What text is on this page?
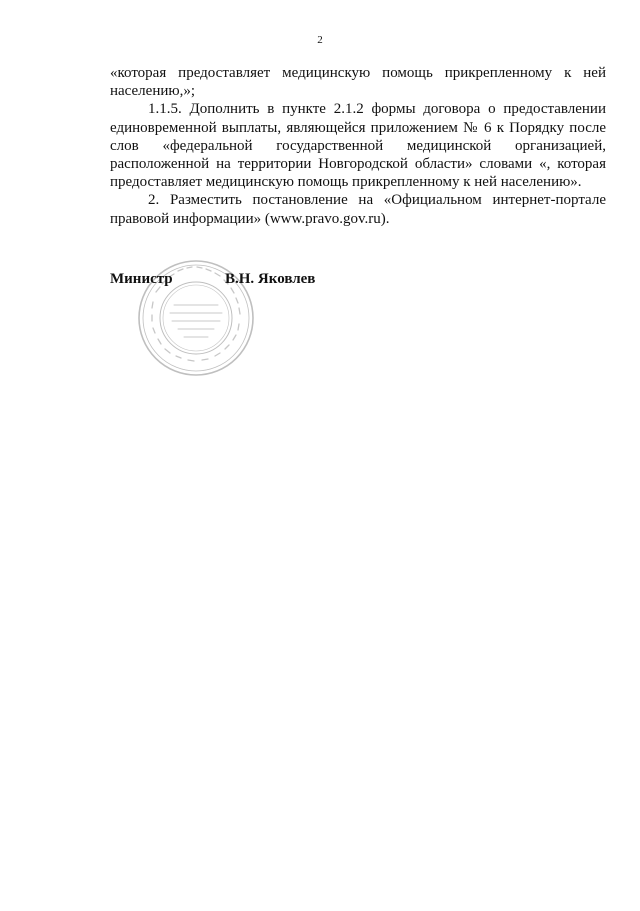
2

«которая предоставляет медицинскую помощь прикрепленному к ней населению,»;

1.1.5. Дополнить в пункте 2.1.2 формы договора о предоставлении единовременной выплаты, являющейся приложением № 6 к Порядку после слов «федеральной государственной медицинской организацией, расположенной на территории Новгородской области» словами «, которая предоставляет медицинскую помощь прикрепленному к ней населению».

2. Разместить постановление на «Официальном интернет-портале правовой информации» (www.pravo.gov.ru).

Министр	В.Н. Яковлев
